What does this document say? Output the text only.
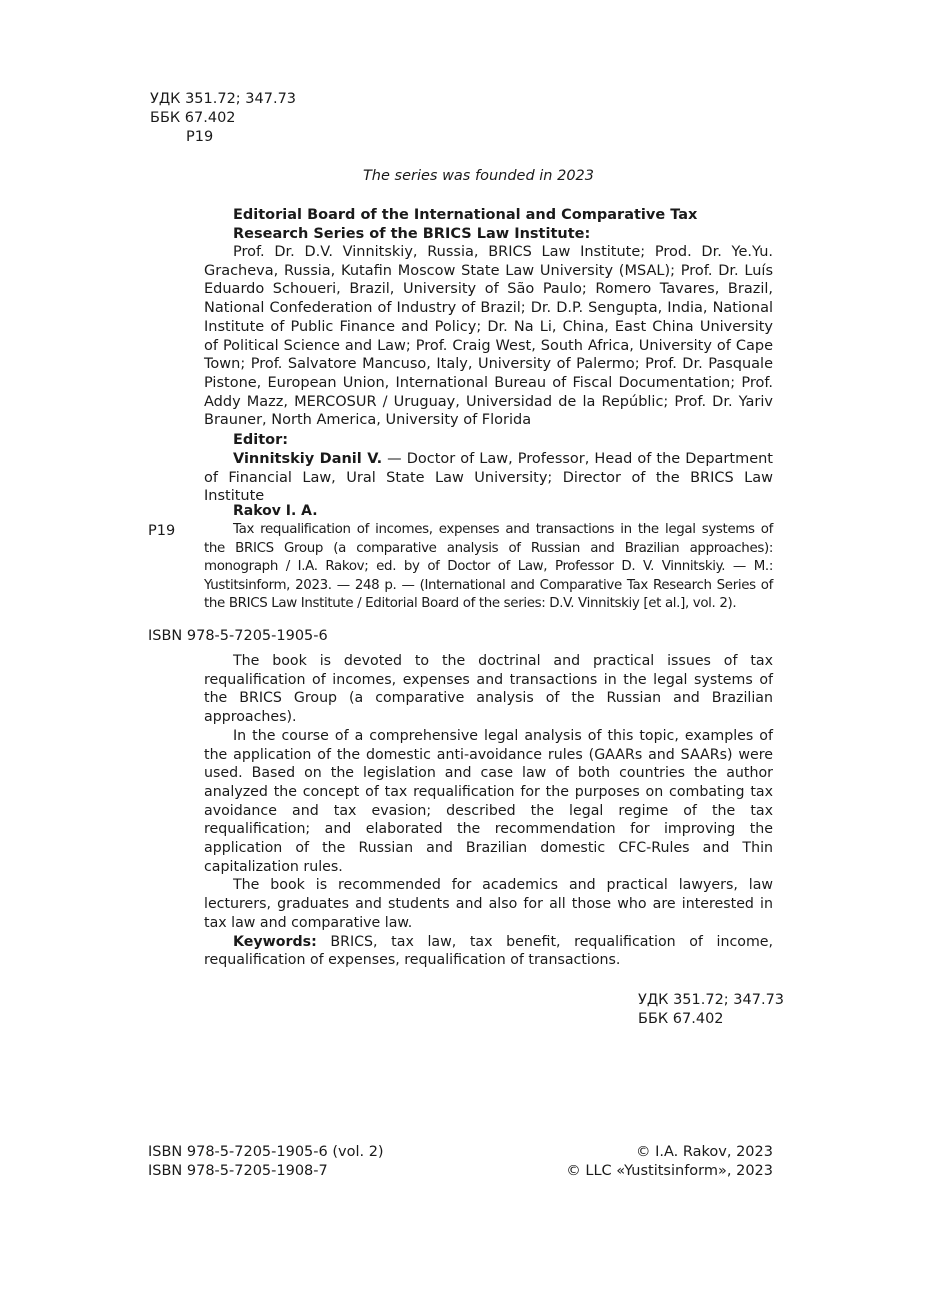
УДК 351.72; 347.73
ББК 67.402
Р19
The series was founded in 2023
Editorial Board of the International and Comparative Tax Research Series of the BRICS Law Institute:

Prof. Dr. D.V. Vinnitskiy, Russia, BRICS Law Institute; Prod. Dr. Ye.Yu. Gracheva, Russia, Kutafin Moscow State Law University (MSAL); Prof. Dr. Luís Eduardo Schoueri, Brazil, University of São Paulo; Romero Tavares, Brazil, National Confederation of Industry of Brazil; Dr. D.P. Sengupta, India, National Institute of Public Finance and Policy; Dr. Na Li, China, East China University of Political Science and Law; Prof. Craig West, South Africa, University of Cape Town; Prof. Salvatore Mancuso, Italy, University of Palermo; Prof. Dr. Pasquale Pistone, European Union, International Bureau of Fiscal Documentation; Prof. Addy Mazz, MERCOSUR / Uruguay, Universidad de la Repúblic; Prof. Dr. Yariv Brauner, North America, University of Florida

Editor:

Vinnitskiy Danil V. — Doctor of Law, Professor, Head of the Department of Financial Law, Ural State Law University; Director of the BRICS Law Institute

Rakov I. A.
Р19	Tax requalification of incomes, expenses and transactions in the legal systems of the BRICS Group (a comparative analysis of Russian and Brazilian approaches): monograph / I.A. Rakov; ed. by of Doctor of Law, Professor D. V. Vinnitskiy. — M.: Yustitsinform, 2023. — 248 p. — (International and Comparative Tax Research Series of the BRICS Law Institute / Editorial Board of the series: D.V. Vinnitskiy [et al.], vol. 2).

ISBN 978-5-7205-1905-6

The book is devoted to the doctrinal and practical issues of tax requalification of incomes, expenses and transactions in the legal systems of the BRICS Group (a comparative analysis of the Russian and Brazilian approaches).

In the course of a comprehensive legal analysis of this topic, examples of the application of the domestic anti-avoidance rules (GAARs and SAARs) were used. Based on the legislation and case law of both countries the author analyzed the concept of tax requalification for the purposes on combating tax avoidance and tax evasion; described the legal regime of the tax requalification; and elaborated the recommendation for improving the application of the Russian and Brazilian domestic CFC-Rules and Thin capitalization rules.

The book is recommended for academics and practical lawyers, law lecturers, graduates and students and also for all those who are interested in tax law and comparative law.

Keywords: BRICS, tax law, tax benefit, requalification of income, requalification of expenses, requalification of transactions.

УДК 351.72; 347.73
ББК 67.402
ISBN 978-5-7205-1905-6 (vol. 2)
ISBN 978-5-7205-1908-7
© I.A. Rakov, 2023
© LLC «Yustitsinform», 2023
